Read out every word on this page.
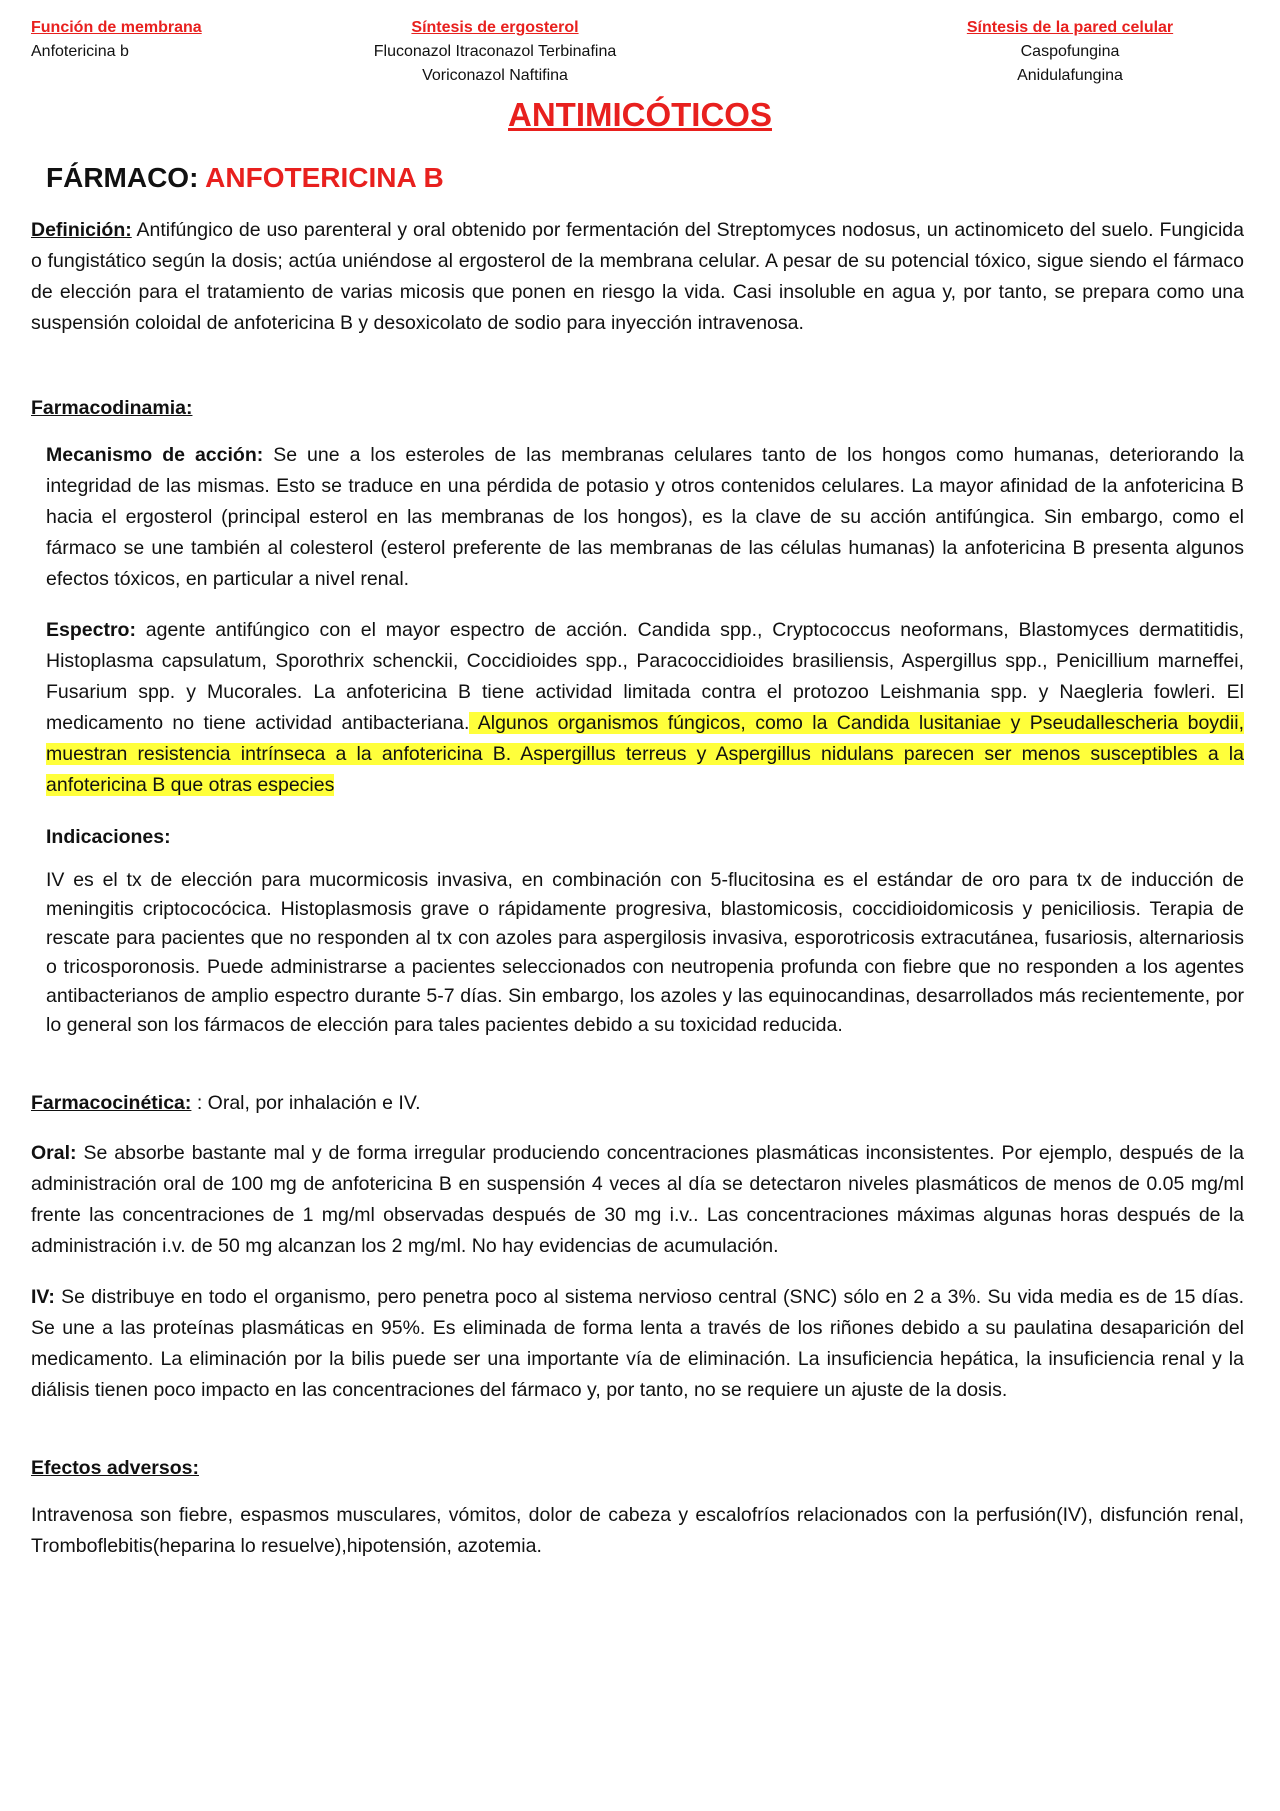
Función de membrana
Anfotericina b
Síntesis de ergosterol
Fluconazol Itraconazol Terbinafina
Voriconazol Naftifina
Síntesis de la pared celular
Caspofungina
Anidulafungina
ANTIMICÓTICOS
FÁRMACO: ANFOTERICINA B
Definición: Antifúngico de uso parenteral y oral obtenido por fermentación del Streptomyces nodosus, un actinomiceto del suelo. Fungicida o fungistático según la dosis; actúa uniéndose al ergosterol de la membrana celular. A pesar de su potencial tóxico, sigue siendo el fármaco de elección para el tratamiento de varias micosis que ponen en riesgo la vida. Casi insoluble en agua y, por tanto, se prepara como una suspensión coloidal de anfotericina B y desoxicolato de sodio para inyección intravenosa.
Farmacodinamia:
Mecanismo de acción: Se une a los esteroles de las membranas celulares tanto de los hongos como humanas, deteriorando la integridad de las mismas. Esto se traduce en una pérdida de potasio y otros contenidos celulares. La mayor afinidad de la anfotericina B hacia el ergosterol (principal esterol en las membranas de los hongos), es la clave de su acción antifúngica. Sin embargo, como el fármaco se une también al colesterol (esterol preferente de las membranas de las células humanas) la anfotericina B presenta algunos efectos tóxicos, en particular a nivel renal.
Espectro: agente antifúngico con el mayor espectro de acción. Candida spp., Cryptococcus neoformans, Blastomyces dermatitidis, Histoplasma capsulatum, Sporothrix schenckii, Coccidioides spp., Paracoccidioides brasiliensis, Aspergillus spp., Penicillium marneffei, Fusarium spp. y Mucorales. La anfotericina B tiene actividad limitada contra el protozoo Leishmania spp. y Naegleria fowleri. El medicamento no tiene actividad antibacteriana. Algunos organismos fúngicos, como la Candida lusitaniae y Pseudallescheria boydii, muestran resistencia intrínseca a la anfotericina B. Aspergillus terreus y Aspergillus nidulans parecen ser menos susceptibles a la anfotericina B que otras especies
Indicaciones:
IV es el tx de elección para mucormicosis invasiva, en combinación con 5-flucitosina es el estándar de oro para tx de inducción de meningitis criptococócica. Histoplasmosis grave o rápidamente progresiva, blastomicosis, coccidioidomicosis y peniciliosis. Terapia de rescate para pacientes que no responden al tx con azoles para aspergilosis invasiva, esporotricosis extracutánea, fusariosis, alternariosis o tricosporonosis. Puede administrarse a pacientes seleccionados con neutropenia profunda con fiebre que no responden a los agentes antibacterianos de amplio espectro durante 5-7 días. Sin embargo, los azoles y las equinocandinas, desarrollados más recientemente, por lo general son los fármacos de elección para tales pacientes debido a su toxicidad reducida.
Farmacocinética: : Oral, por inhalación e IV.
Oral: Se absorbe bastante mal y de forma irregular produciendo concentraciones plasmáticas inconsistentes. Por ejemplo, después de la administración oral de 100 mg de anfotericina B en suspensión 4 veces al día se detectaron niveles plasmáticos de menos de 0.05 mg/ml frente las concentraciones de 1 mg/ml observadas después de 30 mg i.v.. Las concentraciones máximas algunas horas después de la administración i.v. de 50 mg alcanzan los 2 mg/ml. No hay evidencias de acumulación.
IV: Se distribuye en todo el organismo, pero penetra poco al sistema nervioso central (SNC) sólo en 2 a 3%. Su vida media es de 15 días. Se une a las proteínas plasmáticas en 95%. Es eliminada de forma lenta a través de los riñones debido a su paulatina desaparición del medicamento. La eliminación por la bilis puede ser una importante vía de eliminación. La insuficiencia hepática, la insuficiencia renal y la diálisis tienen poco impacto en las concentraciones del fármaco y, por tanto, no se requiere un ajuste de la dosis.
Efectos adversos:
Intravenosa son fiebre, espasmos musculares, vómitos, dolor de cabeza y escalofríos relacionados con la perfusión(IV), disfunción renal, Tromboflebitis(heparina lo resuelve),hipotensión, azotemia.
